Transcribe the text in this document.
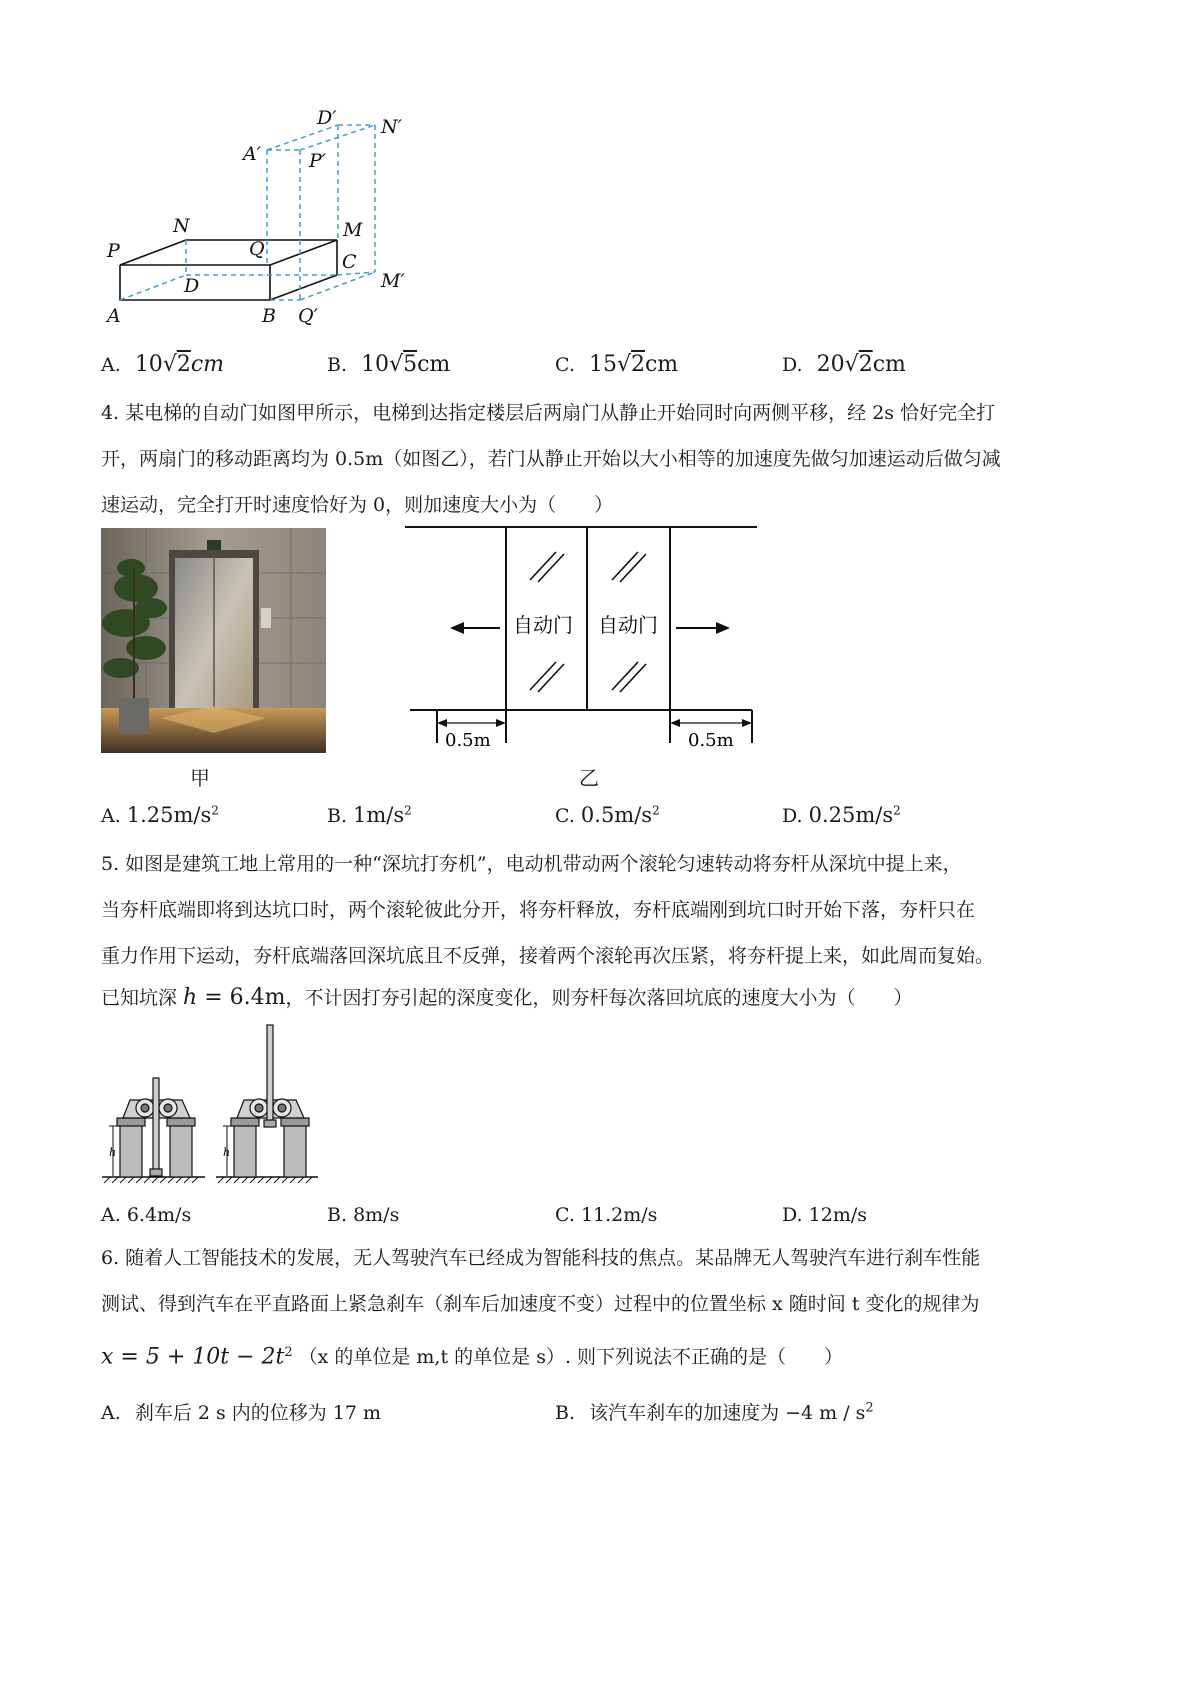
P
N
Q
M
C
D
A	B Q′
M′
A′	P′
D′ N′
A. 10√2cm	B. 10√5cm	C. 15√2cm	D. 20√2cm
4. 某电梯的自动门如图甲所示，电梯到达指定楼层后两扇门从静止开始同时向两侧平移，经 2s 恰好完全打
开，两扇门的移动距离均为 0.5m（如图乙），若门从静止开始以大小相等的加速度先做匀加速运动后做匀减
速运动，完全打开时速度恰好为 0，则加速度大小为（　　）
甲
自动门 自动门
0.5m	0.5m
乙
A. $1.25m/s^2$	B. $1m/s^2$	C. $0.5m/s^2$	D. $0.25m/s^2$
5. 如图是建筑工地上常用的一种“深坑打夯机”，电动机带动两个滚轮匀速转动将夯杆从深坑中提上来，
当夯杆底端即将到达坑口时，两个滚轮彼此分开，将夯杆释放，夯杆底端刚到坑口时开始下落，夯杆只在
重力作用下运动，夯杆底端落回深坑底且不反弹，接着两个滚轮再次压紧，将夯杆提上来，如此周而复始。
已知坑深 h = 6.4m，不计因打夯引起的深度变化，则夯杆每次落回坑底的速度大小为（　　）
h	h
A. 6.4m/s	B. 8m/s	C. 11.2m/s	D. 12m/s
6. 随着人工智能技术的发展，无人驾驶汽车已经成为智能科技的焦点。某品牌无人驾驶汽车进行刹车性能
测试、得到汽车在平直路面上紧急刹车（刹车后加速度不变）过程中的位置坐标 x 随时间 t 变化的规律为
$x = 5 + 10t - 2t^2$ （x 的单位是 m,t 的单位是 s）. 则下列说法不正确的是（　　）
A. 刹车后 2 s 内的位移为 17 m	B. 该汽车刹车的加速度为 −4 m / $s^2$
